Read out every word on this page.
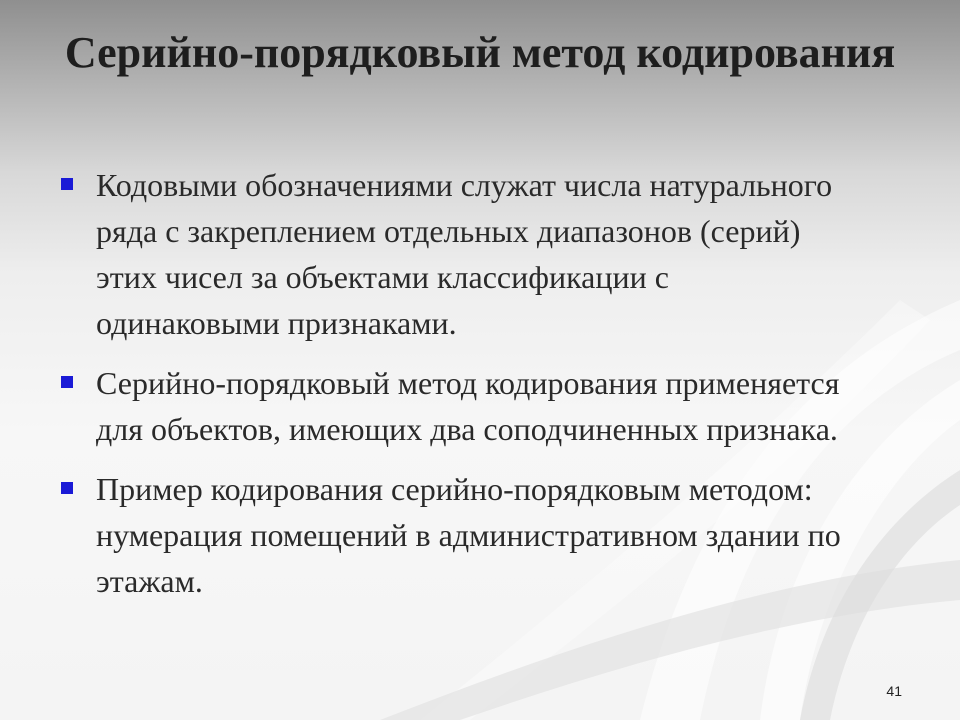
Серийно-порядковый метод кодирования
Кодовыми обозначениями служат числа натурального ряда с закреплением отдельных диапазонов (серий) этих чисел за объектами классификации с одинаковыми признаками.
Серийно-порядковый метод кодирования применяется для объектов, имеющих два соподчиненных признака.
Пример кодирования серийно-порядковым методом: нумерация помещений в административном здании по этажам.
41
